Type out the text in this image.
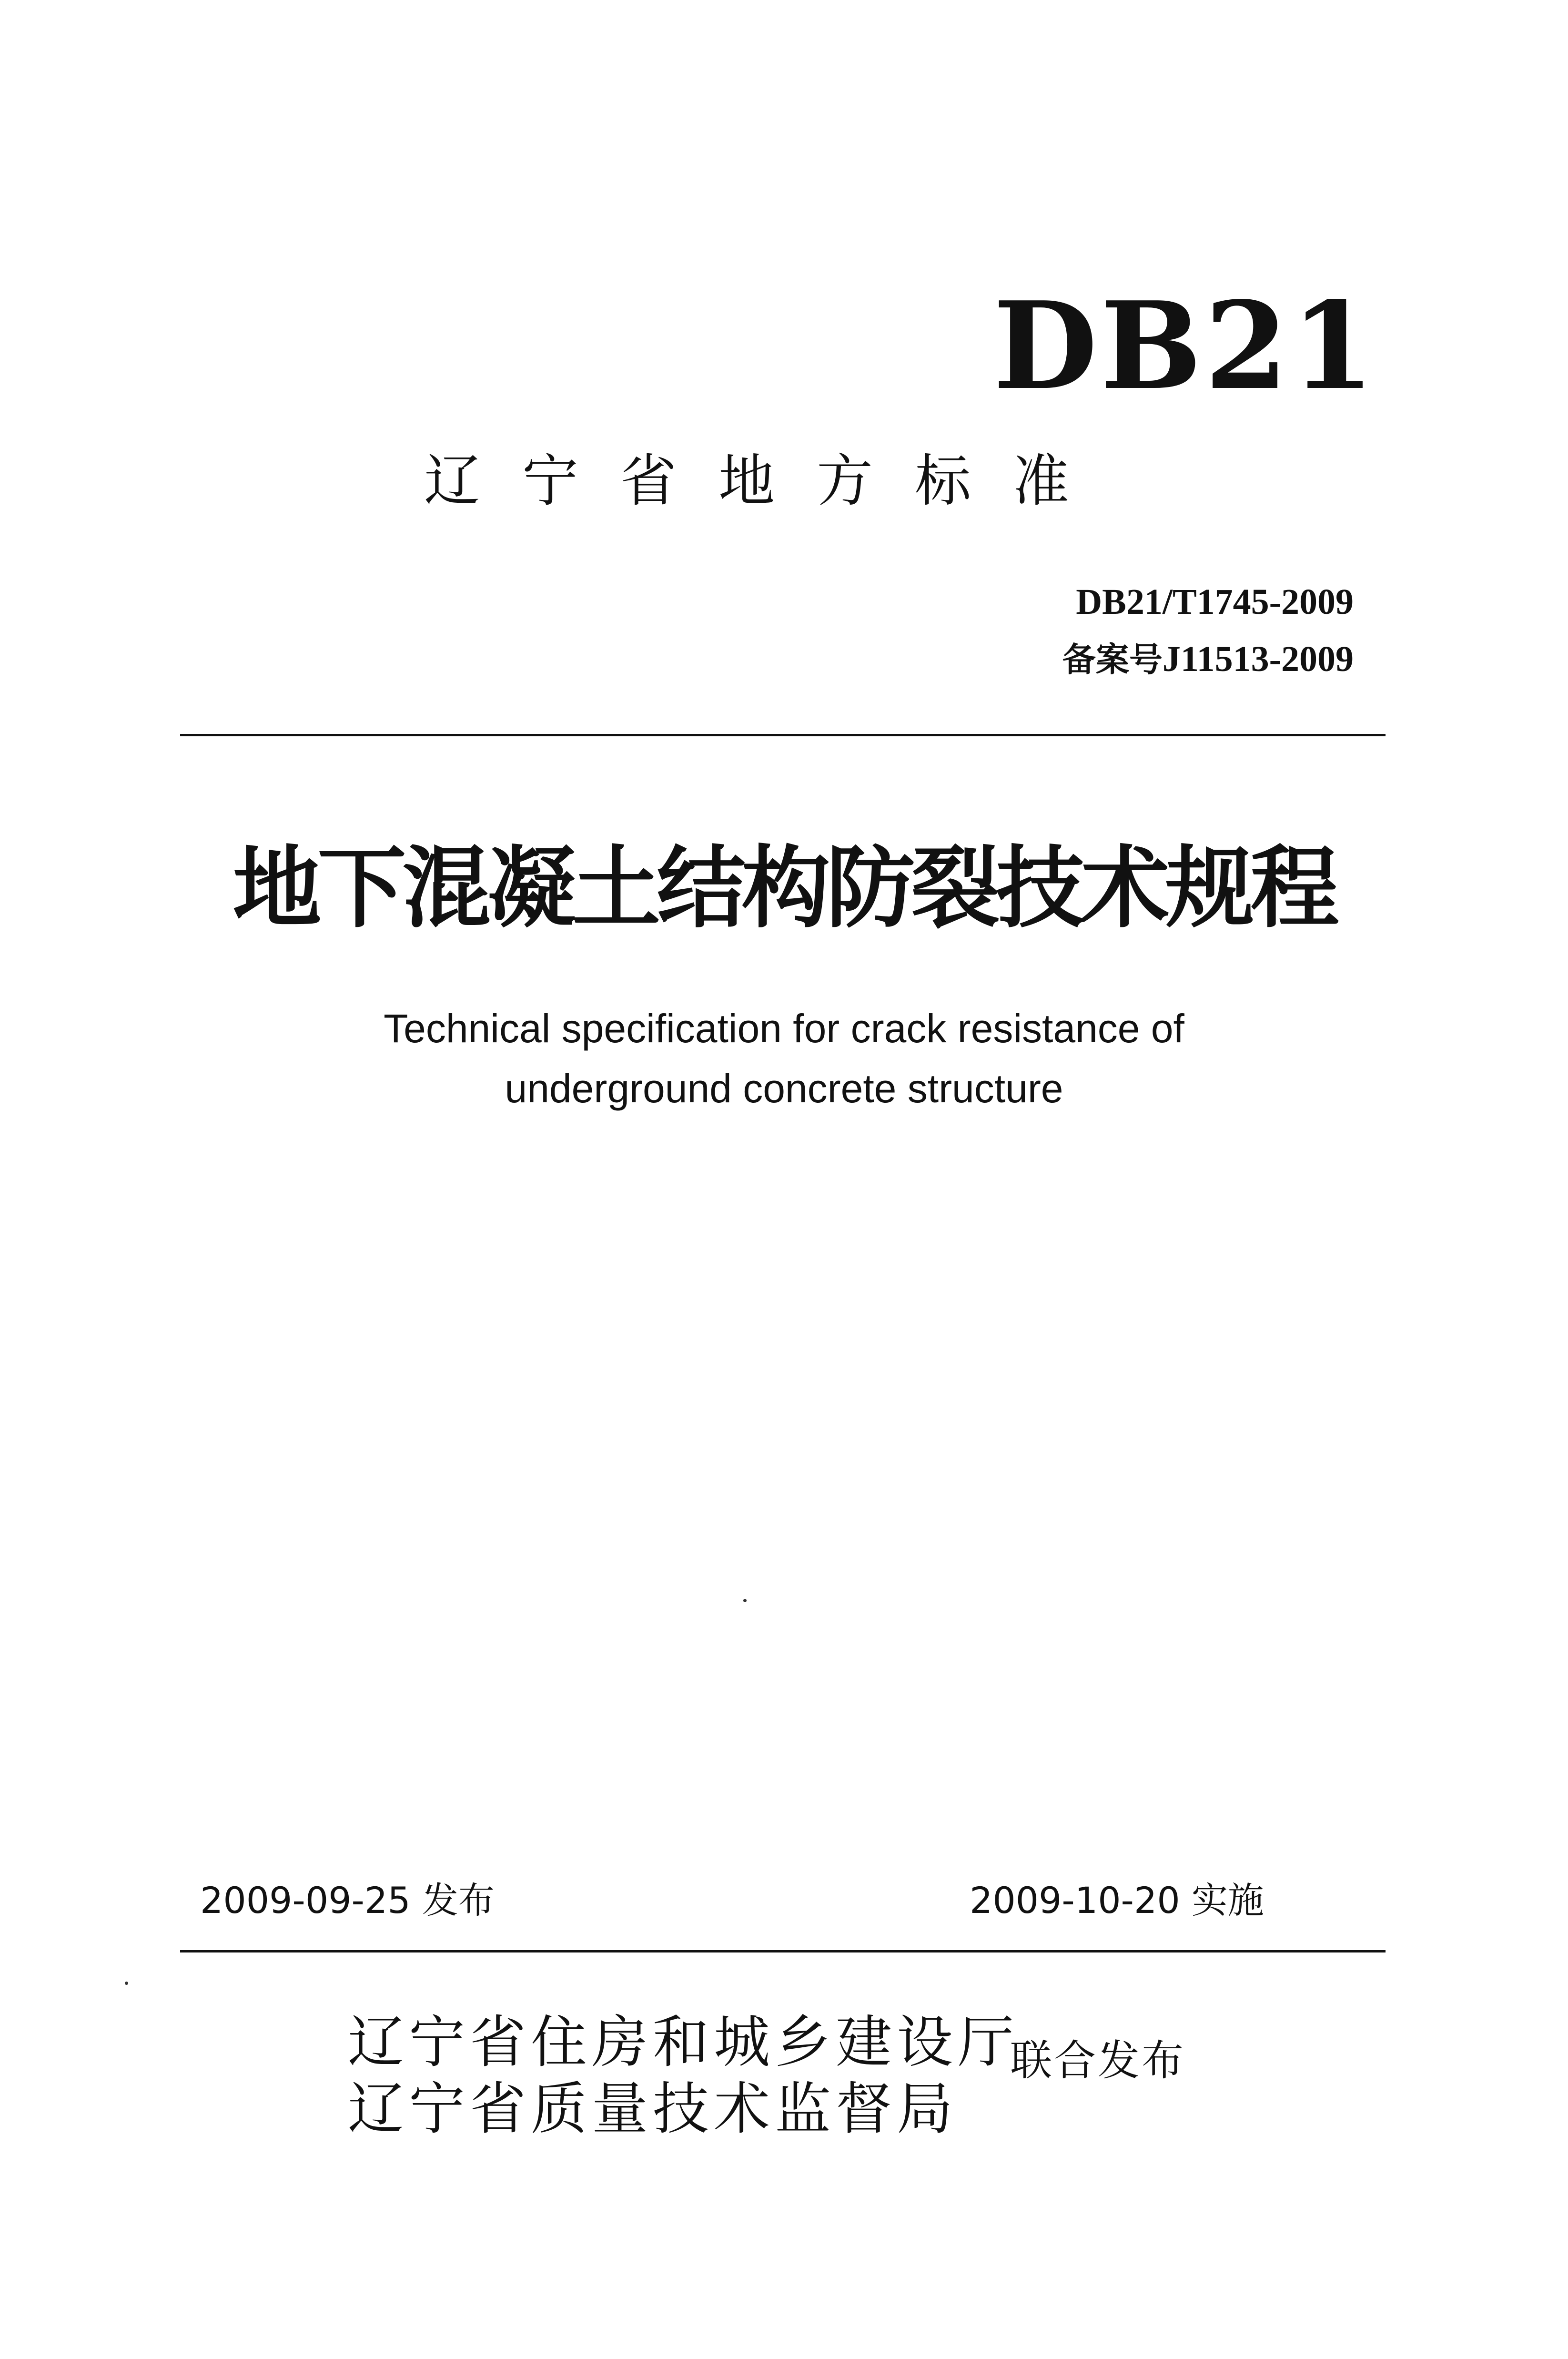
DB21
辽宁省地方标准
DB21/T1745-2009
备案号J11513-2009
地下混凝土结构防裂技术规程
Technical specification for crack resistance of
underground concrete structure
2009-09-25 发布	2009-10-20 实施
辽宁省住房和城乡建设厅
辽宁省质量技术监督局
联合发布
